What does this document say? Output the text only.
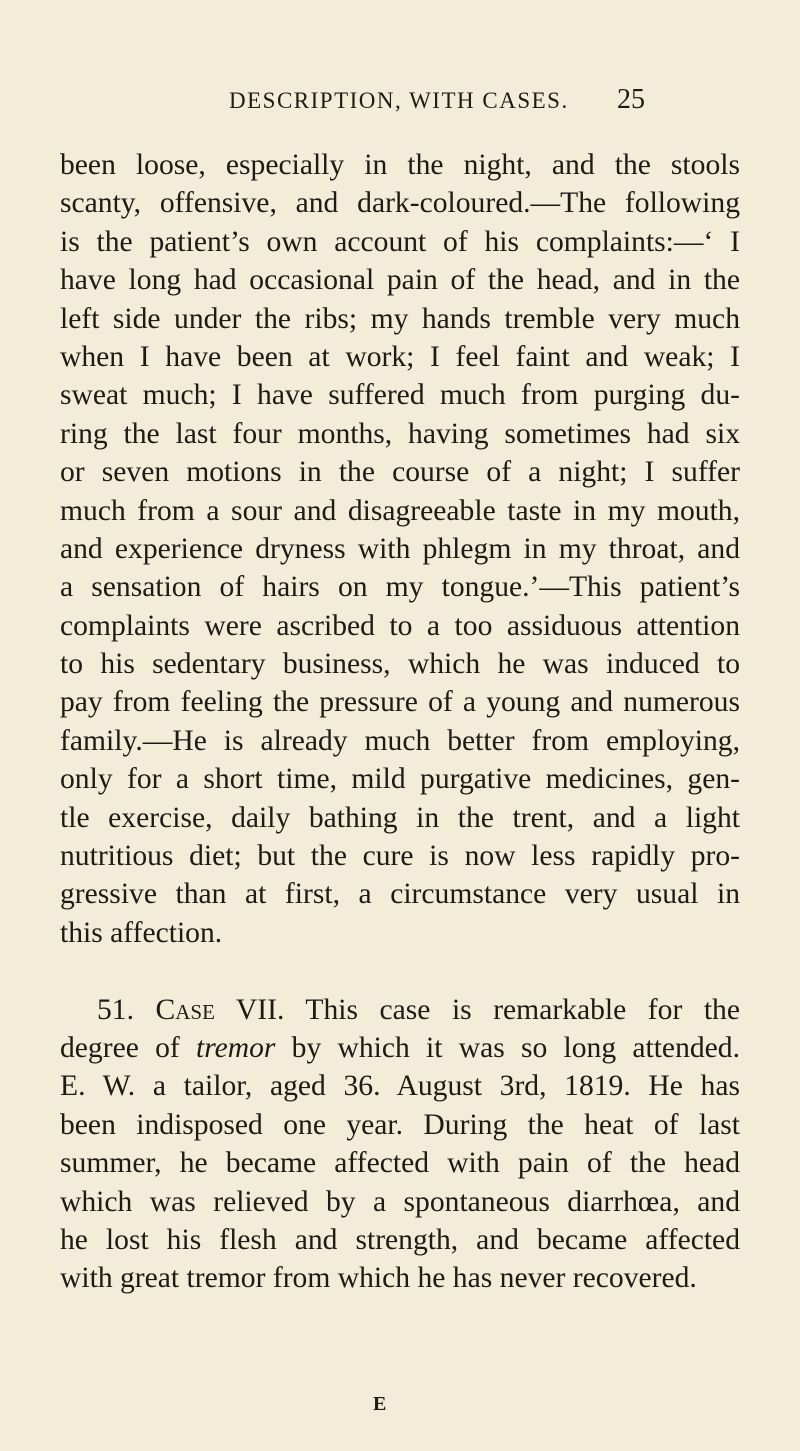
DESCRIPTION, WITH CASES. 25
been loose, especially in the night, and the stools
scanty, offensive, and dark-coloured.—The following
is the patient’s own account of his complaints:—‘ I
have long had occasional pain of the head, and in the
left side under the ribs; my hands tremble very much
when I have been at work; I feel faint and weak; I
sweat much; I have suffered much from purging du-
ring the last four months, having sometimes had six
or seven motions in the course of a night; I suffer
much from a sour and disagreeable taste in my mouth,
and experience dryness with phlegm in my throat, and
a sensation of hairs on my tongue.’—This patient’s
complaints were ascribed to a too assiduous attention
to his sedentary business, which he was induced to
pay from feeling the pressure of a young and numerous
family.—He is already much better from employing,
only for a short time, mild purgative medicines, gen-
tle exercise, daily bathing in the trent, and a light
nutritious diet; but the cure is now less rapidly pro-
gressive than at first, a circumstance very usual in
this affection.
51. Case VII. This case is remarkable for the
degree of tremor by which it was so long attended.
E. W. a tailor, aged 36. August 3rd, 1819. He has
been indisposed one year. During the heat of last
summer, he became affected with pain of the head
which was relieved by a spontaneous diarrhœa, and
he lost his flesh and strength, and became affected
with great tremor from which he has never recovered.
E
